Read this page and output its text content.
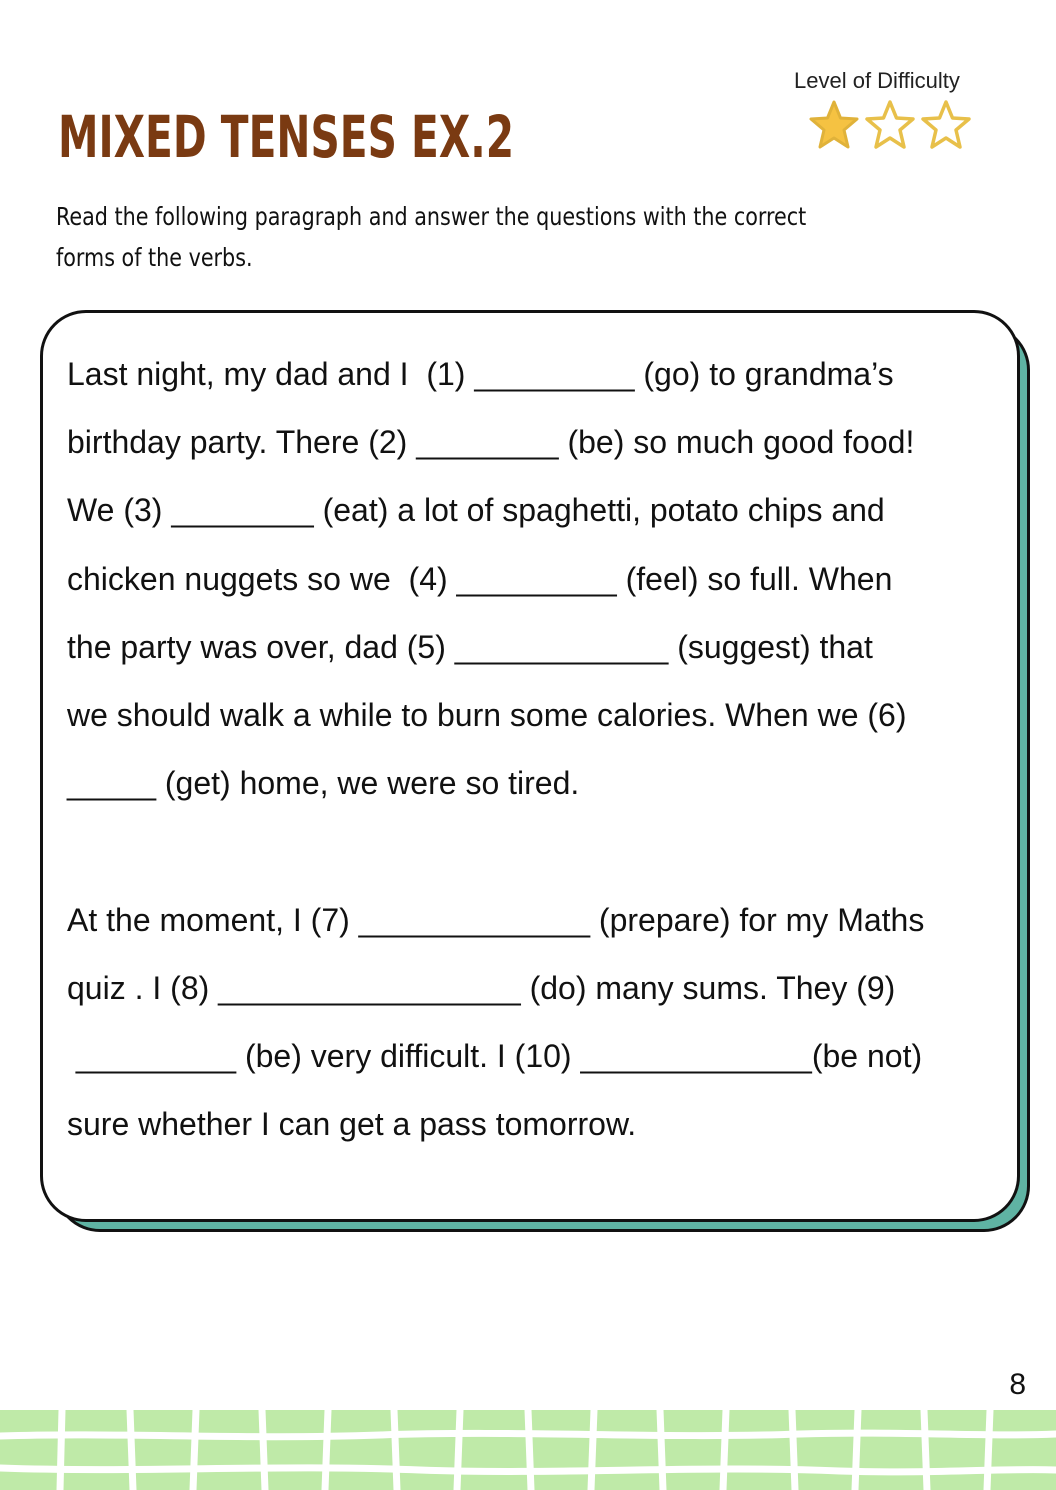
MIXED TENSES EX.2
Level of Difficulty
Read the following paragraph and answer the questions with the correct
forms of the verbs.
Last night, my dad and I  (1) _________ (go) to grandma’s
birthday party. There (2) ________ (be) so much good food!
We (3) ________ (eat) a lot of spaghetti, potato chips and
chicken nuggets so we  (4) _________ (feel) so full. When
the party was over, dad (5) ____________ (suggest) that
we should walk a while to burn some calories. When we (6)
_____ (get) home, we were so tired.
At the moment, I (7) _____________ (prepare) for my Maths
quiz . I (8) _________________ (do) many sums. They (9)
_________ (be) very difficult. I (10) _____________(be not)
sure whether I can get a pass tomorrow.
8
